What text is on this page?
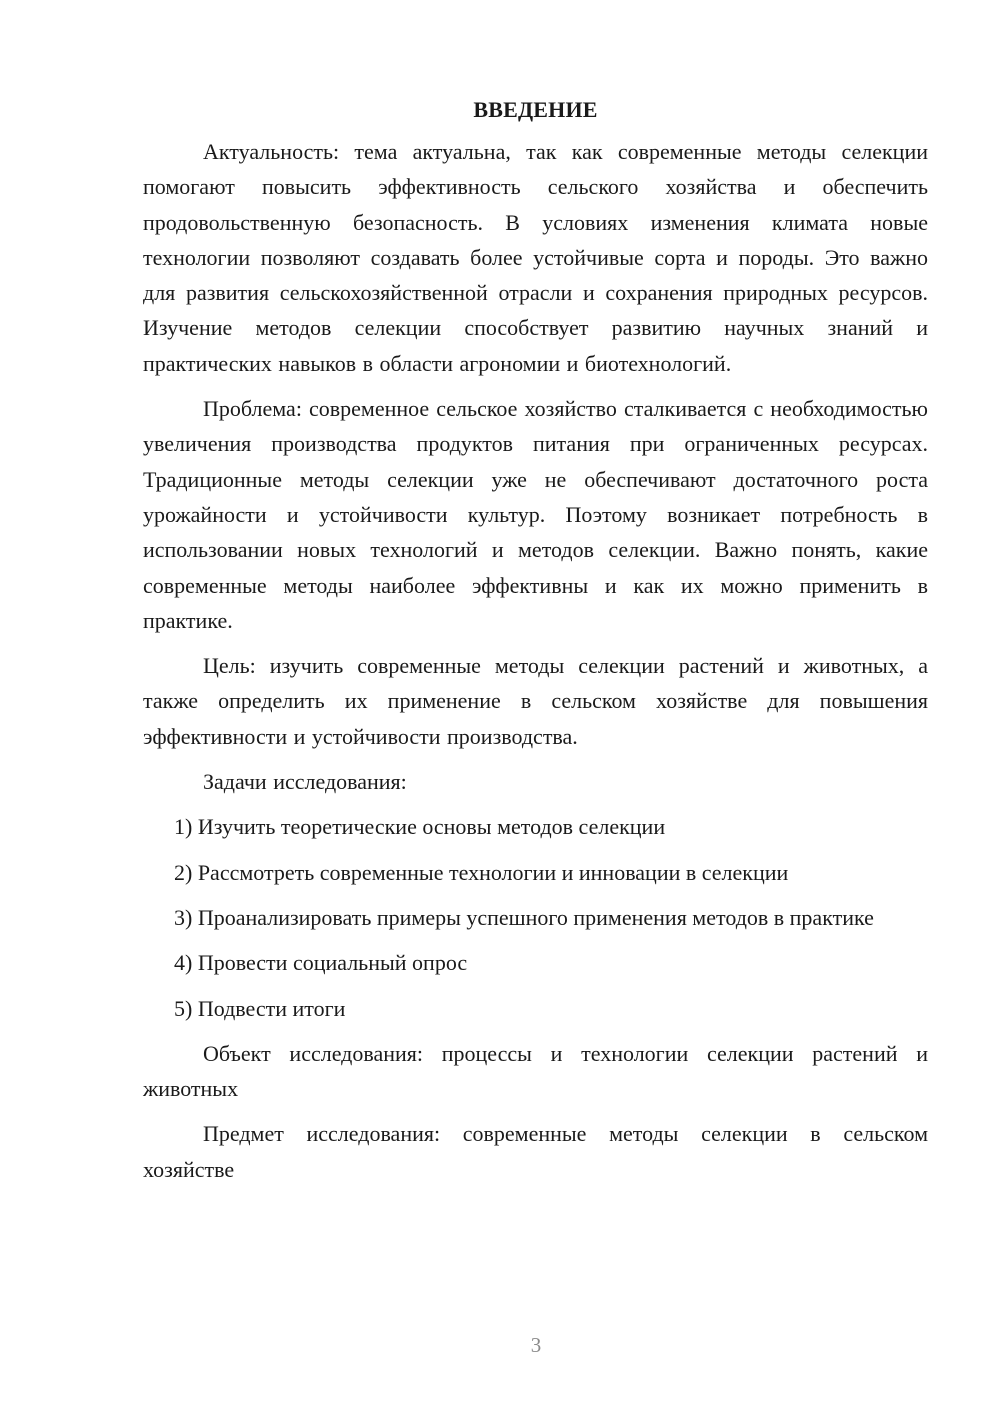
ВВЕДЕНИЕ

Актуальность: тема актуальна, так как современные методы селекции помогают повысить эффективность сельского хозяйства и обеспечить продовольственную безопасность. В условиях изменения климата новые технологии позволяют создавать более устойчивые сорта и породы. Это важно для развития сельскохозяйственной отрасли и сохранения природных ресурсов. Изучение методов селекции способствует развитию научных знаний и практических навыков в области агрономии и биотехнологий.

Проблема: современное сельское хозяйство сталкивается с необходимостью увеличения производства продуктов питания при ограниченных ресурсах. Традиционные методы селекции уже не обеспечивают достаточного роста урожайности и устойчивости культур. Поэтому возникает потребность в использовании новых технологий и методов селекции. Важно понять, какие современные методы наиболее эффективны и как их можно применить в практике.

Цель: изучить современные методы селекции растений и животных, а также определить их применение в сельском хозяйстве для повышения эффективности и устойчивости производства.

Задачи исследования:

1) Изучить теоретические основы методов селекции

2) Рассмотреть современные технологии и инновации в селекции

3) Проанализировать примеры успешного применения методов в практике

4) Провести социальный опрос

5) Подвести итоги

Объект исследования: процессы и технологии селекции растений и животных

Предмет исследования: современные методы селекции в сельском хозяйстве

3
